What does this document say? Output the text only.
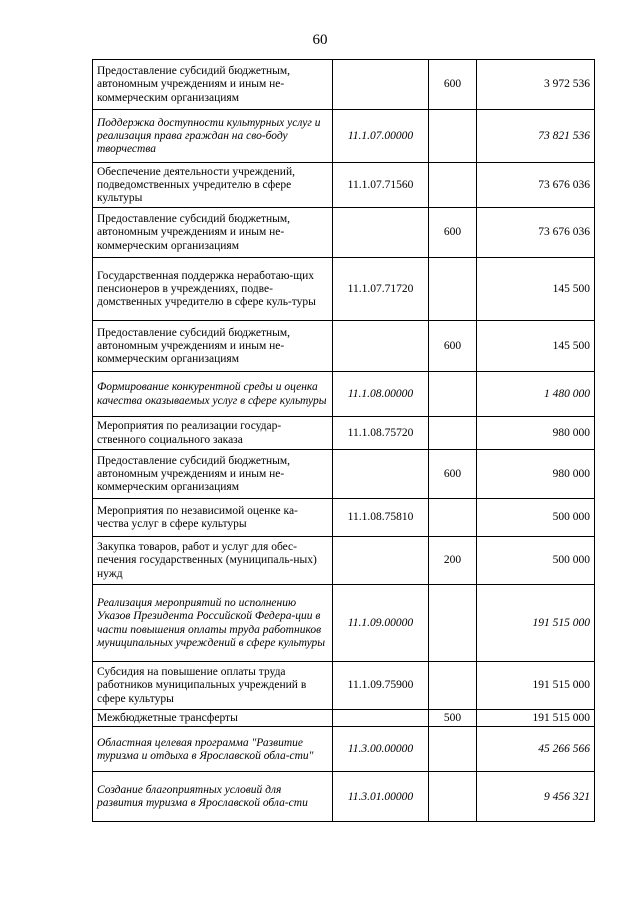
60
Предоставление субсидий бюджетным, автономным учреждениям и иным не-коммерческим организациям		600	3 972 536
Поддержка доступности культурных услуг и реализация права граждан на сво-боду творчества	11.1.07.00000		73 821 536
Обеспечение деятельности учреждений, подведомственных учредителю в сфере культуры	11.1.07.71560		73 676 036
Предоставление субсидий бюджетным, автономным учреждениям и иным не-коммерческим организациям		600	73 676 036
Государственная поддержка неработаю-щих пенсионеров в учреждениях, подве-домственных учредителю в сфере куль-туры	11.1.07.71720		145 500
Предоставление субсидий бюджетным, автономным учреждениям и иным не-коммерческим организациям		600	145 500
Формирование конкурентной среды и оценка качества оказываемых услуг в сфере культуры	11.1.08.00000		1 480 000
Мероприятия по реализации государ-ственного социального заказа	11.1.08.75720		980 000
Предоставление субсидий бюджетным, автономным учреждениям и иным не-коммерческим организациям		600	980 000
Мероприятия по независимой оценке ка-чества услуг в сфере культуры	11.1.08.75810		500 000
Закупка товаров, работ и услуг для обес-печения государственных (муниципаль-ных) нужд		200	500 000
Реализация мероприятий по исполнению Указов Президента Российской Федера-ции в части повышения оплаты труда работников муниципальных учреждений в сфере культуры	11.1.09.00000		191 515 000
Субсидия на повышение оплаты труда работников муниципальных учреждений в сфере культуры	11.1.09.75900		191 515 000
Межбюджетные трансферты		500	191 515 000
Областная целевая программа "Развитие туризма и отдыха в Ярославской обла-сти"	11.3.00.00000		45 266 566
Создание благоприятных условий для развития туризма в Ярославской обла-сти	11.3.01.00000		9 456 321
